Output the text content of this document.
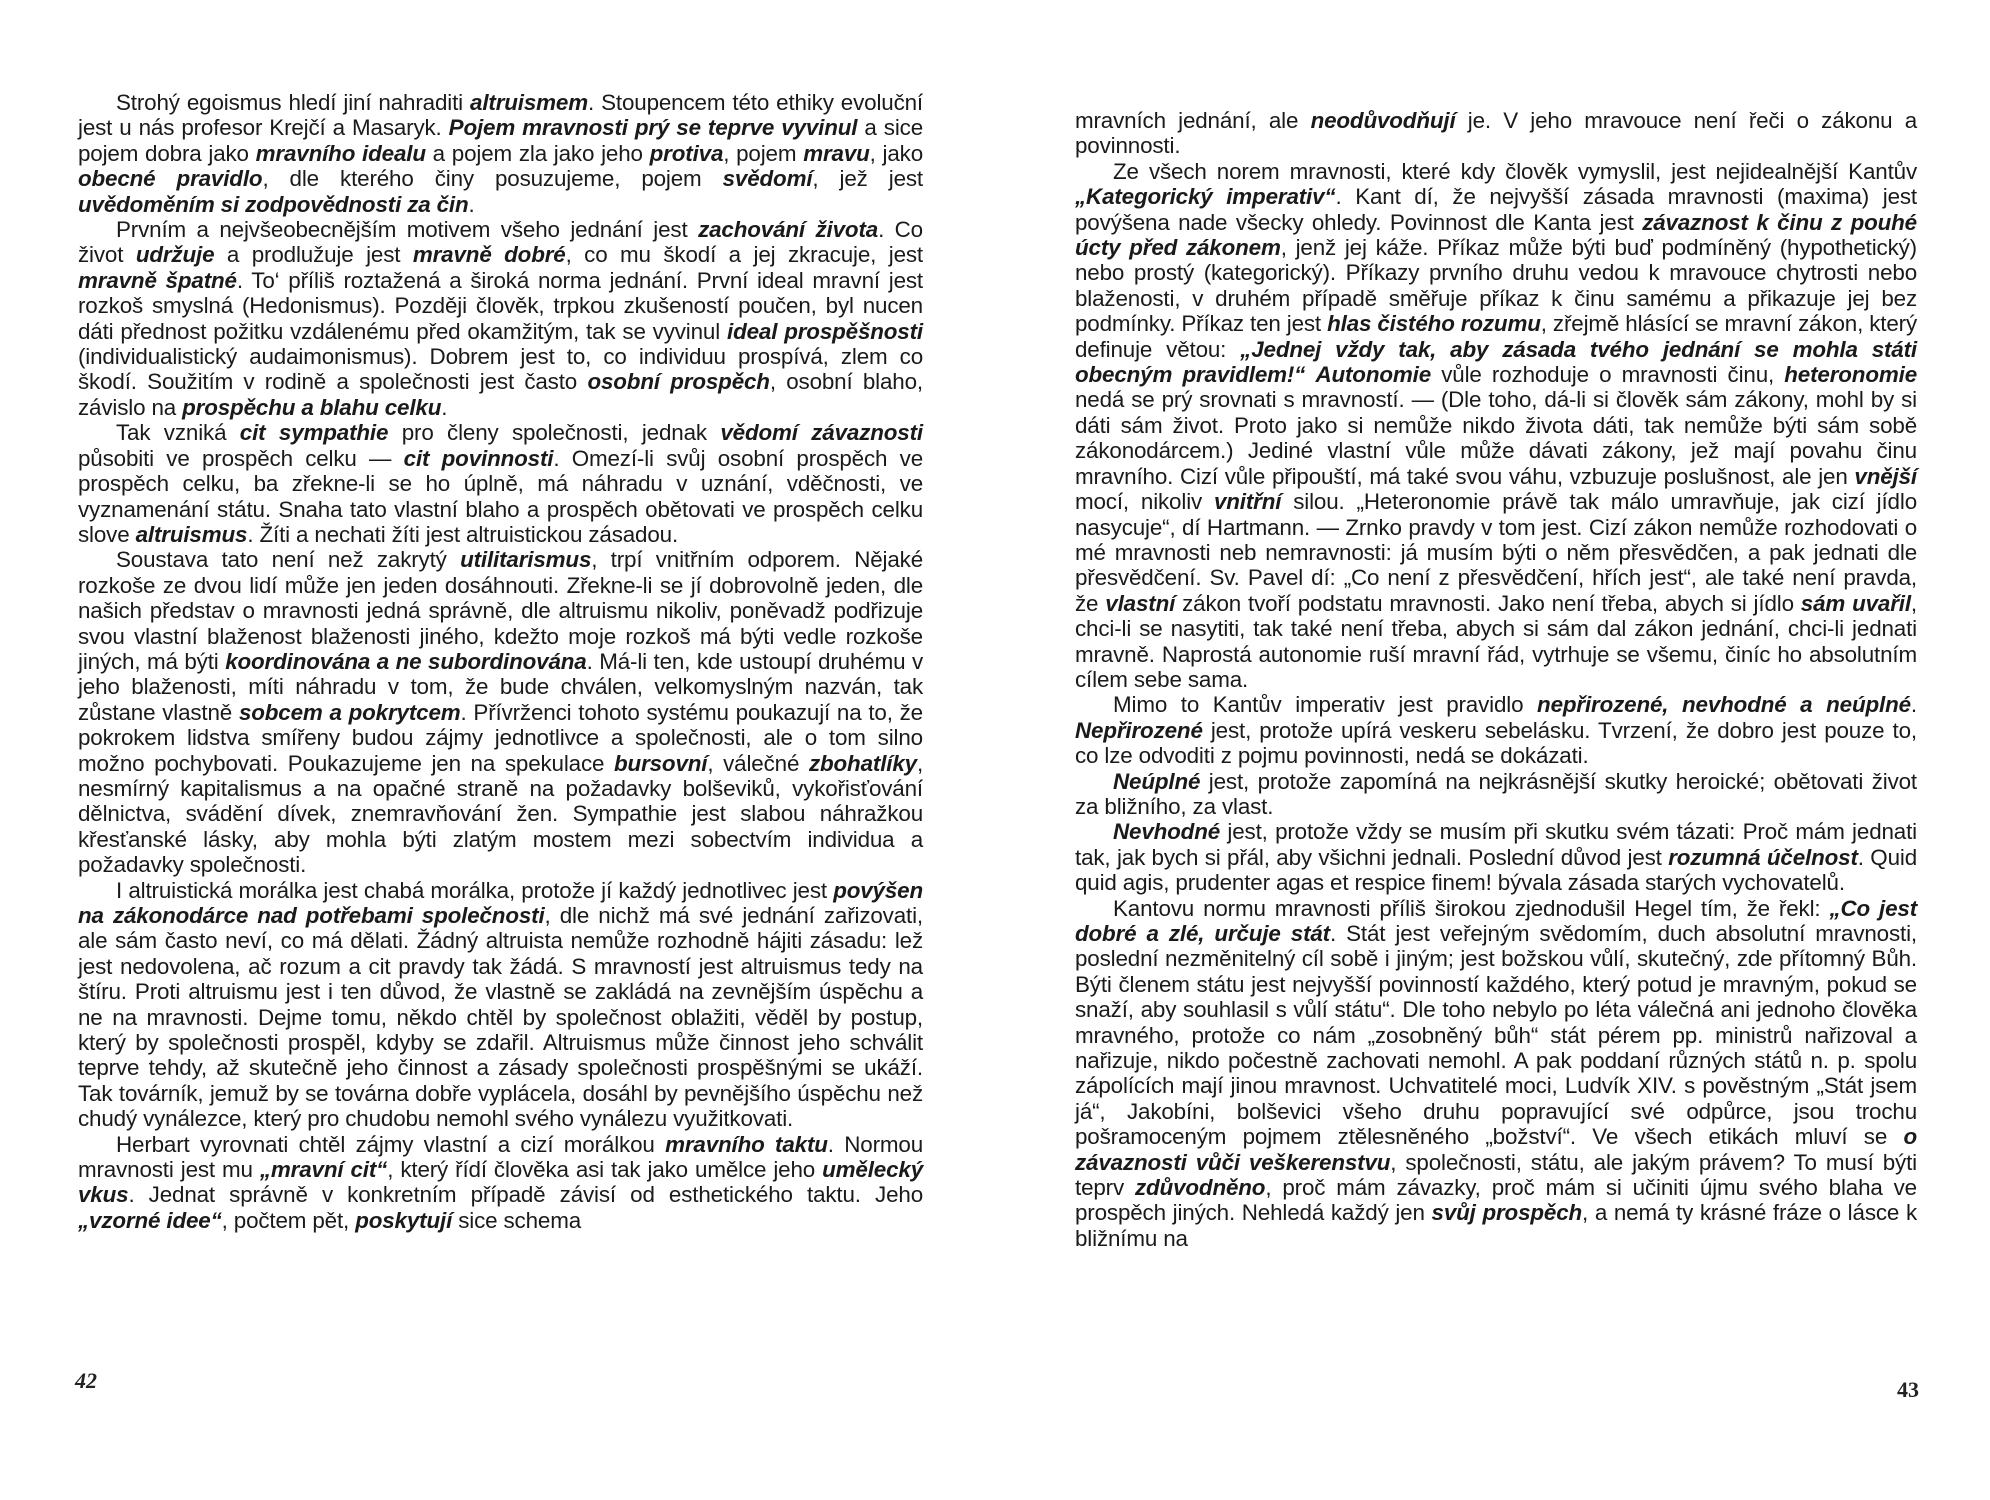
Strohý egoismus hledí jiní nahraditi altruismem. Stoupencem této ethiky evoluční jest u nás profesor Krejčí a Masaryk. Pojem mravnosti prý se teprve vyvinul a sice pojem dobra jako mravního idealu a pojem zla jako jeho protiva, pojem mravu, jako obecné pravidlo, dle kterého činy posuzujeme, pojem svědomí, jež jest uvědoměním si zodpovědnosti za čin.

Prvním a nejvšeobecnějším motivem všeho jednání jest zachování života. Co život udržuje a prodlužuje jest mravně dobré, co mu škodí a jej zkracuje, jest mravně špatné. To‘ příliš roztažená a široká norma jednání. První ideal mravní jest rozkoš smyslná (Hedonismus). Později člověk, trpkou zkušeností poučen, byl nucen dáti přednost požitku vzdálenému před okamžitým, tak se vyvinul ideal prospěšnosti (individualistický audaimonismus). Dobrem jest to, co individuu prospívá, zlem co škodí. Soužitím v rodině a společnosti jest často osobní prospěch, osobní blaho, závislo na prospěchu a blahu celku.

Tak vzniká cit sympathie pro členy společnosti, jednak vědomí závaznosti působiti ve prospěch celku — cit povinnosti. Omezí-li svůj osobní prospěch ve prospěch celku, ba zřekne-li se ho úplně, má náhradu v uznání, vděčnosti, ve vyznamenání státu. Snaha tato vlastní blaho a prospěch obětovati ve prospěch celku slove altruismus. Žíti a nechati žíti jest altruistickou zásadou.

Soustava tato není než zakrytý utilitarismus, trpí vnitřním odporem. Nějaké rozkoše ze dvou lidí může jen jeden dosáhnouti. Zřekne-li se jí dobrovolně jeden, dle našich představ o mravnosti jedná správně, dle altruismu nikoliv, poněvadž podřizuje svou vlastní blaženost blaženosti jiného, kdežto moje rozkoš má býti vedle rozkoše jiných, má býti koordinována a ne subordinována. Má-li ten, kde ustoupí druhému v jeho blaženosti, míti náhradu v tom, že bude chválen, velkomyslným nazván, tak zůstane vlastně sobcem a pokrytcem. Přívrženci tohoto systému poukazují na to, že pokrokem lidstva smířeny budou zájmy jednotlivce a společnosti, ale o tom silno možno pochybovati. Poukazujeme jen na spekulace bursovní, válečné zbohatlíky, nesmírný kapitalismus a na opačné straně na požadavky bolševiků, vykořisťování dělnictva, svádění dívek, znemravňování žen. Sympathie jest slabou náhražkou křesťanské lásky, aby mohla býti zlatým mostem mezi sobectvím individua a požadavky společnosti.

I altruistická morálka jest chabá morálka, protože jí každý jednotlivec jest povýšen na zákonodárce nad potřebami společnosti, dle nichž má své jednání zařizovati, ale sám často neví, co má dělati. Žádný altruista nemůže rozhodně hájiti zásadu: lež jest nedovolena, ač rozum a cit pravdy tak žádá. S mravností jest altruismus tedy na štíru. Proti altruismu jest i ten důvod, že vlastně se zakládá na zevnějším úspěchu a ne na mravnosti. Dejme tomu, někdo chtěl by společnost oblažiti, věděl by postup, který by společnosti prospěl, kdyby se zdařil. Altruismus může činnost jeho schválit teprve tehdy, až skutečně jeho činnost a zásady společnosti prospěšnými se ukáží. Tak továrník, jemuž by se továrna dobře vyplácela, dosáhl by pevnějšího úspěchu než chudý vynálezce, který pro chudobu nemohl svého vynálezu využitkovati.

Herbart vyrovnati chtěl zájmy vlastní a cizí morálkou mravního taktu. Normou mravnosti jest mu „mravní cit“, který řídí člověka asi tak jako umělce jeho umělecký vkus. Jednat správně v konkretním případě závisí od esthetického taktu. Jeho „vzorné idee“, počtem pět, poskytují sice schema

42

mravních jednání, ale neodůvodňují je. V jeho mravouce není řeči o zákonu a povinnosti.

Ze všech norem mravnosti, které kdy člověk vymyslil, jest nejidealnější Kantův „Kategorický imperativ“. Kant dí, že nejvyšší zásada mravnosti (maxima) jest povýšena nade všecky ohledy. Povinnost dle Kanta jest závaznost k činu z pouhé úcty před zákonem, jenž jej káže. Příkaz může býti buď podmíněný (hypothetický) nebo prostý (kategorický). Příkazy prvního druhu vedou k mravouce chytrosti nebo blaženosti, v druhém případě směřuje příkaz k činu samému a přikazuje jej bez podmínky. Příkaz ten jest hlas čistého rozumu, zřejmě hlásící se mravní zákon, který definuje větou: „Jednej vždy tak, aby zásada tvého jednání se mohla státi obecným pravidlem!“ Autonomie vůle rozhoduje o mravnosti činu, heteronomie nedá se prý srovnati s mravností. — (Dle toho, dá-li si člověk sám zákony, mohl by si dáti sám život. Proto jako si nemůže nikdo života dáti, tak nemůže býti sám sobě zákonodárcem.) Jediné vlastní vůle může dávati zákony, jež mají povahu činu mravního. Cizí vůle připouští, má také svou váhu, vzbuzuje poslušnost, ale jen vnější mocí, nikoliv vnitřní silou. „Heteronomie právě tak málo umravňuje, jak cizí jídlo nasycuje“, dí Hartmann. — Zrnko pravdy v tom jest. Cizí zákon nemůže rozhodovati o mé mravnosti neb nemravnosti: já musím býti o něm přesvědčen, a pak jednati dle přesvědčení. Sv. Pavel dí: „Co není z přesvědčení, hřích jest“, ale také není pravda, že vlastní zákon tvoří podstatu mravnosti. Jako není třeba, abych si jídlo sám uvařil, chci-li se nasytiti, tak také není třeba, abych si sám dal zákon jednání, chci-li jednati mravně. Naprostá autonomie ruší mravní řád, vytrhuje se všemu, činíc ho absolutním cílem sebe sama.

Mimo to Kantův imperativ jest pravidlo nepřirozené, nevhodné a neúplné. Nepřirozené jest, protože upírá veskeru sebelásku. Tvrzení, že dobro jest pouze to, co lze odvoditi z pojmu povinnosti, nedá se dokázati.

Neúplné jest, protože zapomíná na nejkrásnější skutky heroické; obětovati život za bližního, za vlast.

Nevhodné jest, protože vždy se musím při skutku svém tázati: Proč mám jednati tak, jak bych si přál, aby všichni jednali. Poslední důvod jest rozumná účelnost. Quid quid agis, prudenter agas et respice finem! bývala zásada starých vychovatelů.

Kantovu normu mravnosti příliš širokou zjednodušil Hegel tím, že řekl: „Co jest dobré a zlé, určuje stát. Stát jest veřejným svědomím, duch absolutní mravnosti, poslední nezměnitelný cíl sobě i jiným; jest božskou vůlí, skutečný, zde přítomný Bůh. Býti členem státu jest nejvyšší povinností každého, který potud je mravným, pokud se snaží, aby souhlasil s vůlí státu“. Dle toho nebylo po léta válečná ani jednoho člověka mravného, protože co nám „zosobněný bůh“ stát pérem pp. ministrů nařizoval a nařizuje, nikdo počestně zachovati nemohl. A pak poddaní různých států n. p. spolu zápolících mají jinou mravnost. Uchvatitelé moci, Ludvík XIV. s pověstným „Stát jsem já“, Jakobíni, bolševici všeho druhu popravující své odpůrce, jsou trochu pošramoceným pojmem ztělesněného „božství“. Ve všech etikách mluví se o závaznosti vůči veškerenstvu, společnosti, státu, ale jakým právem? To musí býti teprv zdůvodněno, proč mám závazky, proč mám si učiniti újmu svého blaha ve prospěch jiných. Nehledá každý jen svůj prospěch, a nemá ty krásné fráze o lásce k bližnímu na

43
